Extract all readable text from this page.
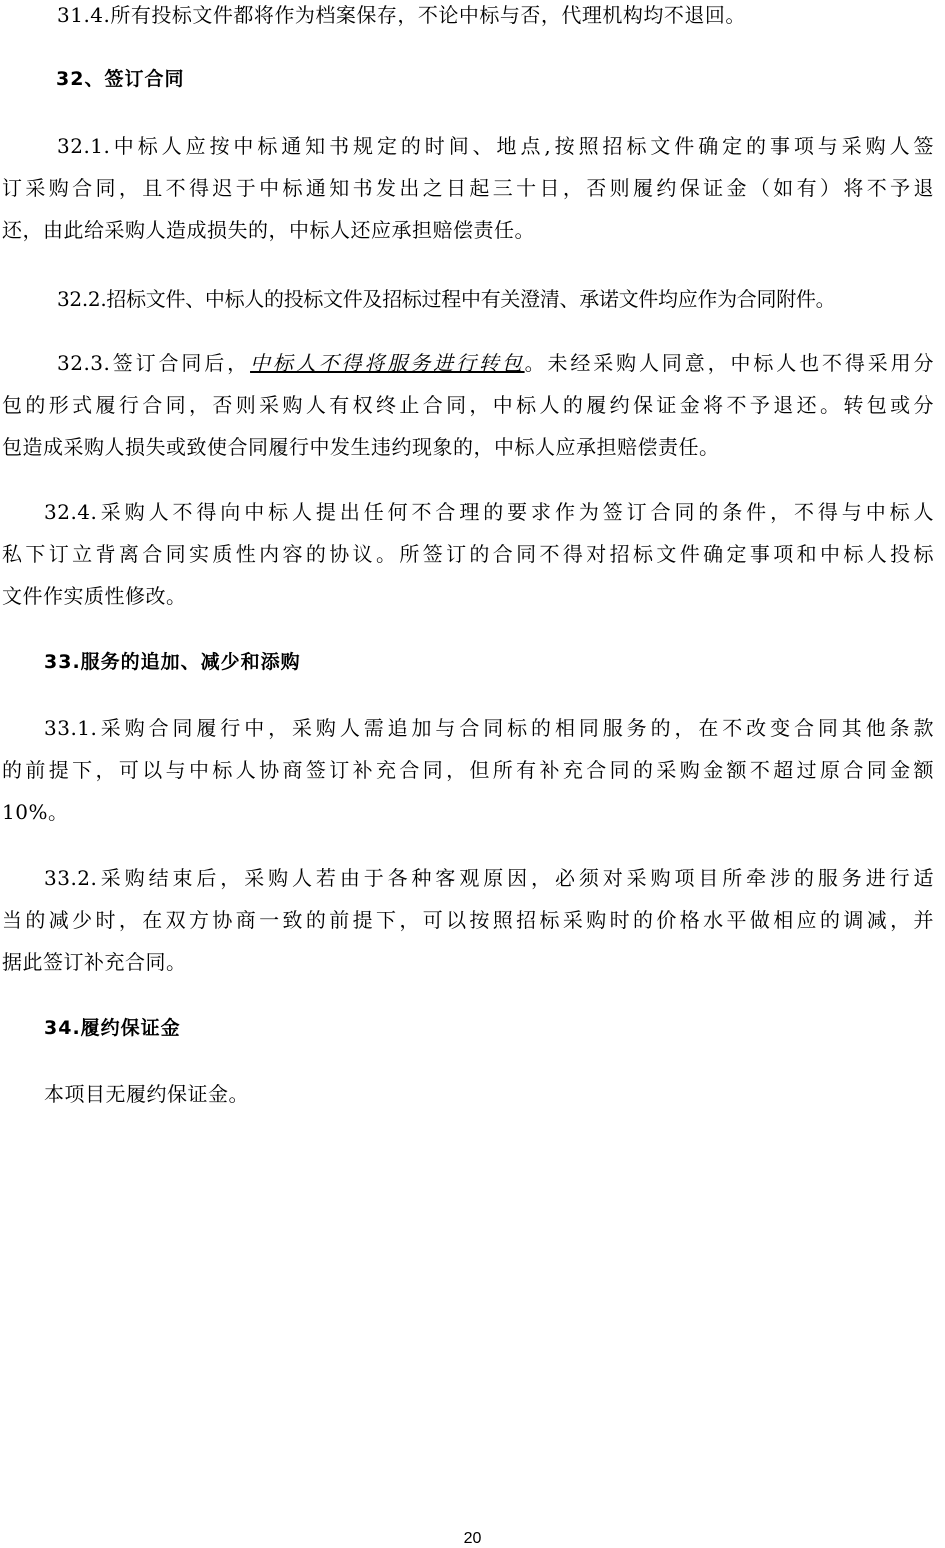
31.4.所有投标文件都将作为档案保存，不论中标与否，代理机构均不退回。
32、签订合同
32.1.中标人应按中标通知书规定的时间、地点,按照招标文件确定的事项与采购人签
订采购合同，且不得迟于中标通知书发出之日起三十日，否则履约保证金（如有）将不予退
还，由此给采购人造成损失的，中标人还应承担赔偿责任。
32.2.招标文件、中标人的投标文件及招标过程中有关澄清、承诺文件均应作为合同附件。
32.3.签订合同后，中标人不得将服务进行转包。未经采购人同意，中标人也不得采用分
包的形式履行合同，否则采购人有权终止合同，中标人的履约保证金将不予退还。转包或分
包造成采购人损失或致使合同履行中发生违约现象的，中标人应承担赔偿责任。
32.4.采购人不得向中标人提出任何不合理的要求作为签订合同的条件，不得与中标人
私下订立背离合同实质性内容的协议。所签订的合同不得对招标文件确定事项和中标人投标
文件作实质性修改。
33.服务的追加、减少和添购
33.1.采购合同履行中，采购人需追加与合同标的相同服务的，在不改变合同其他条款
的前提下，可以与中标人协商签订补充合同，但所有补充合同的采购金额不超过原合同金额
10%。
33.2.采购结束后，采购人若由于各种客观原因，必须对采购项目所牵涉的服务进行适
当的减少时，在双方协商一致的前提下，可以按照招标采购时的价格水平做相应的调减，并
据此签订补充合同。
34.履约保证金
本项目无履约保证金。
20
